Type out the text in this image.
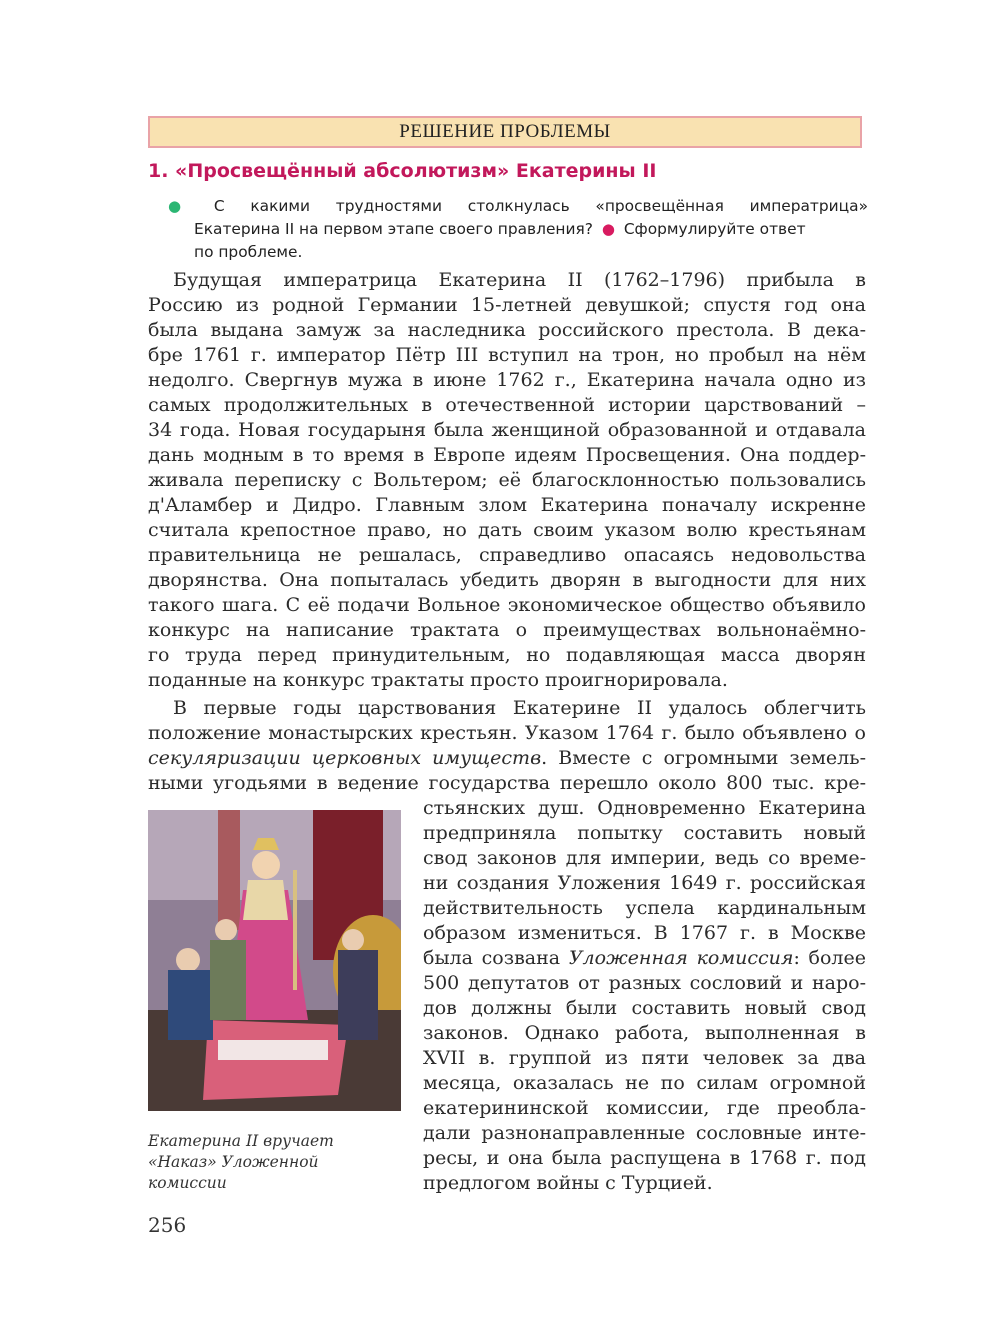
РЕШЕНИЕ ПРОБЛЕМЫ
1. «Просвещённый абсолютизм» Екатерины II
● С какими трудностями столкнулась «просвещённая императрица»
Екатерина II на первом этапе своего правления? ● Сформулируйте ответ
по проблеме.
Будущая императрица Екатерина II (1762–1796) прибыла в
Россию из родной Германии 15-летней девушкой; спустя год она
была выдана замуж за наследника российского престола. В дека-
бре 1761 г. император Пётр III вступил на трон, но пробыл на нём
недолго. Свергнув мужа в июне 1762 г., Екатерина начала одно из
самых продолжительных в отечественной истории царствований –
34 года. Новая государыня была женщиной образованной и отдавала
дань модным в то время в Европе идеям Просвещения. Она поддер-
живала переписку с Вольтером; её благосклонностью пользовались
д'Аламбер и Дидро. Главным злом Екатерина поначалу искренне
считала крепостное право, но дать своим указом волю крестьянам
правительница не решалась, справедливо опасаясь недовольства
дворянства. Она попыталась убедить дворян в выгодности для них
такого шага. С её подачи Вольное экономическое общество объявило
конкурс на написание трактата о преимуществах вольнонаёмно-
го труда перед принудительным, но подавляющая масса дворян
поданные на конкурс трактаты просто проигнорировала.
В первые годы царствования Екатерине II удалось облегчить
положение монастырских крестьян. Указом 1764 г. было объявлено о
секуляризации церковных имуществ. Вместе с огромными земель-
ными угодьями в ведение государства перешло около 800 тыс. кре-
стьянских душ. Одновременно Екатерина
предприняла попытку составить новый
свод законов для империи, ведь со време-
ни создания Уложения 1649 г. российская
действительность успела кардинальным
образом измениться. В 1767 г. в Москве
была созвана Уложенная комиссия: более
500 депутатов от разных сословий и наро-
дов должны были составить новый свод
законов. Однако работа, выполненная в
XVII в. группой из пяти человек за два
месяца, оказалась не по силам огромной
екатерининской комиссии, где преобла-
дали разнонаправленные сословные инте-
ресы, и она была распущена в 1768 г. под
предлогом войны с Турцией.
Екатерина II вручает
«Наказ» Уложенной
комиссии
256
